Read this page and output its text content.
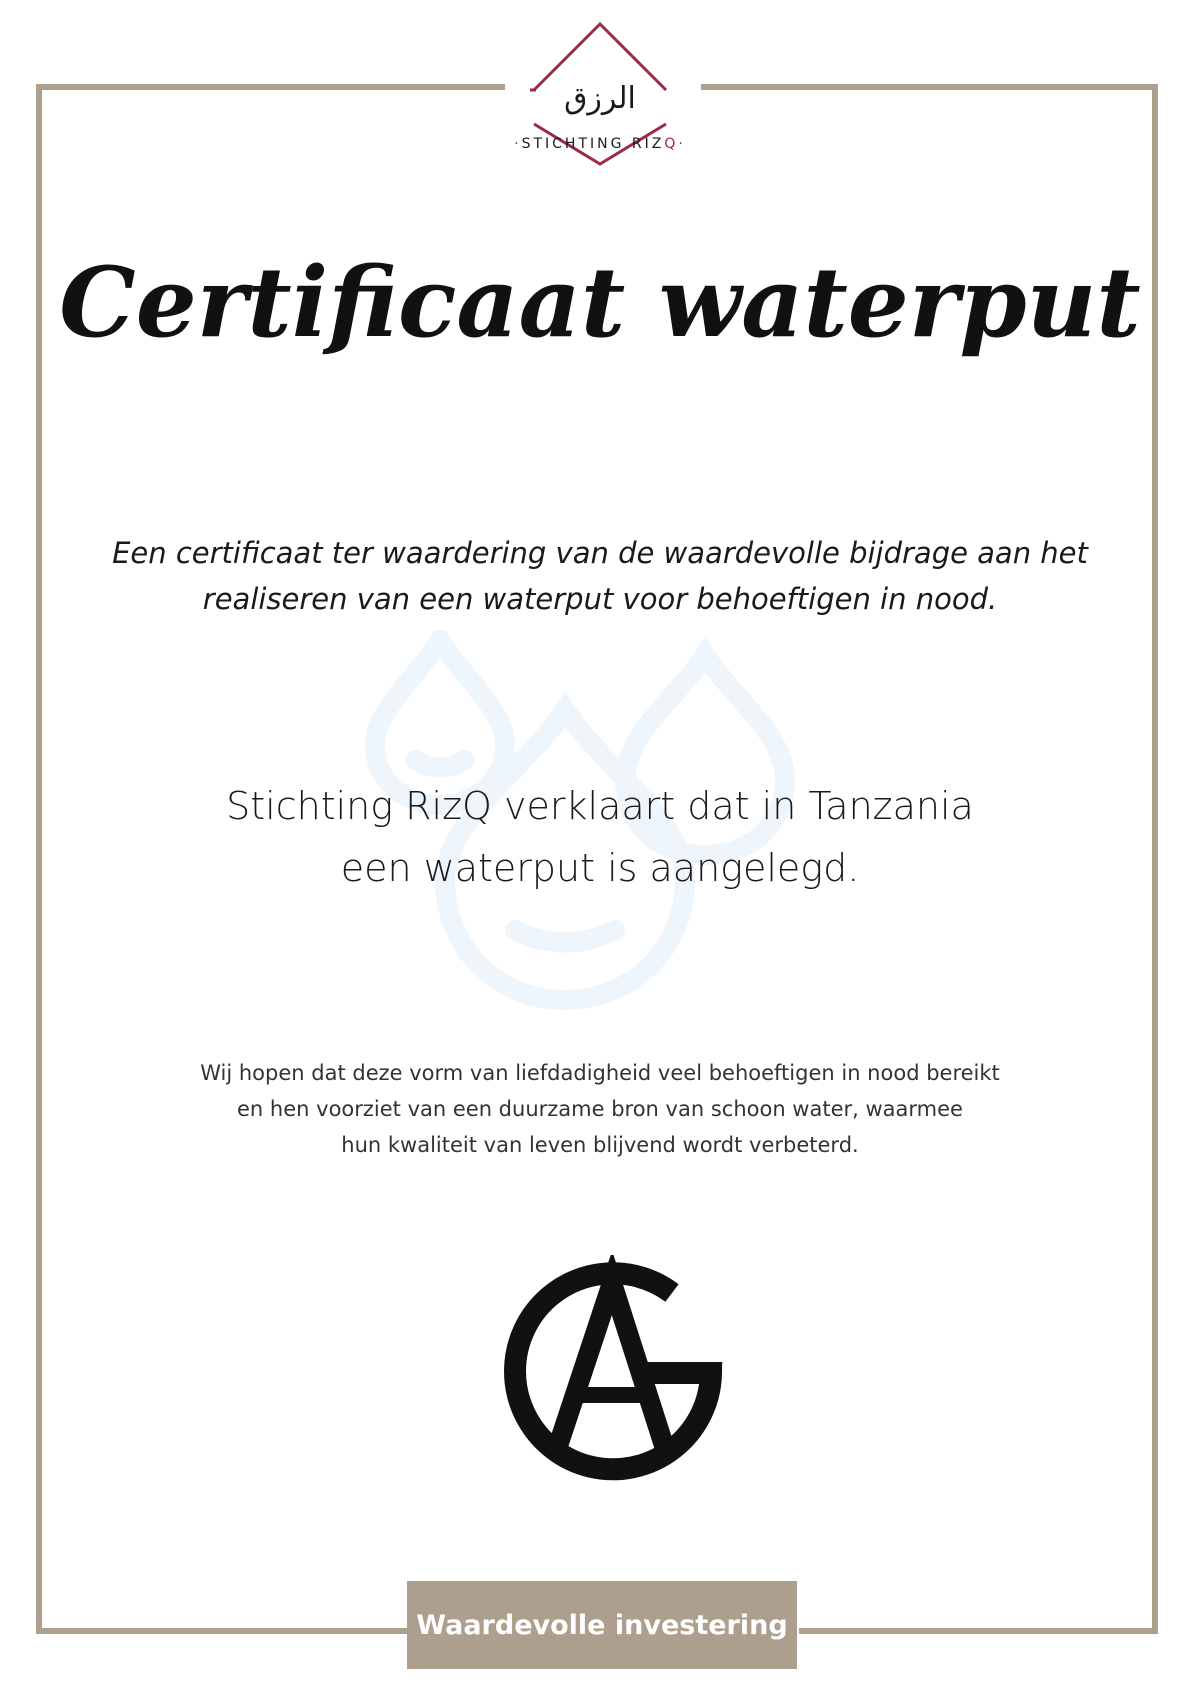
الرزق
·STICHTING RIZQ·
Certificaat waterput
Een certificaat ter waardering van de waardevolle bijdrage aan het
realiseren van een waterput voor behoeftigen in nood.
Stichting RizQ verklaart dat in Tanzania
een waterput is aangelegd.
Wij hopen dat deze vorm van liefdadigheid veel behoeftigen in nood bereikt
en hen voorziet van een duurzame bron van schoon water, waarmee
hun kwaliteit van leven blijvend wordt verbeterd.
Waardevolle investering
